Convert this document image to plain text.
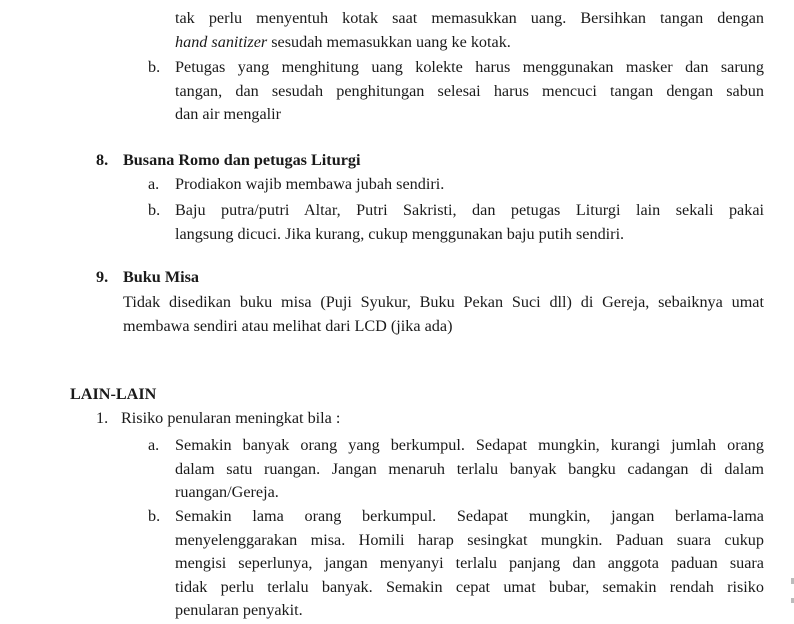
tak perlu menyentuh kotak saat memasukkan uang. Bersihkan tangan dengan
hand sanitizer sesudah memasukkan uang ke kotak.
b. Petugas yang menghitung uang kolekte harus menggunakan masker dan sarung
tangan, dan sesudah penghitungan selesai harus mencuci tangan dengan sabun
dan air mengalir
8. Busana Romo dan petugas Liturgi
a. Prodiakon wajib membawa jubah sendiri.
b. Baju putra/putri Altar, Putri Sakristi, dan petugas Liturgi lain sekali pakai
langsung dicuci. Jika kurang, cukup menggunakan baju putih sendiri.
9. Buku Misa
Tidak disedikan buku misa (Puji Syukur, Buku Pekan Suci dll) di Gereja, sebaiknya umat
membawa sendiri atau melihat dari LCD (jika ada)
LAIN-LAIN
1. Risiko penularan meningkat bila :
a. Semakin banyak orang yang berkumpul. Sedapat mungkin, kurangi jumlah orang
dalam satu ruangan. Jangan menaruh terlalu banyak bangku cadangan di dalam
ruangan/Gereja.
b. Semakin lama orang berkumpul. Sedapat mungkin, jangan berlama-lama
menyelenggarakan misa. Homili harap sesingkat mungkin. Paduan suara cukup
mengisi seperlunya, jangan menyanyi terlalu panjang dan anggota paduan suara
tidak perlu terlalu banyak. Semakin cepat umat bubar, semakin rendah risiko
penularan penyakit.
